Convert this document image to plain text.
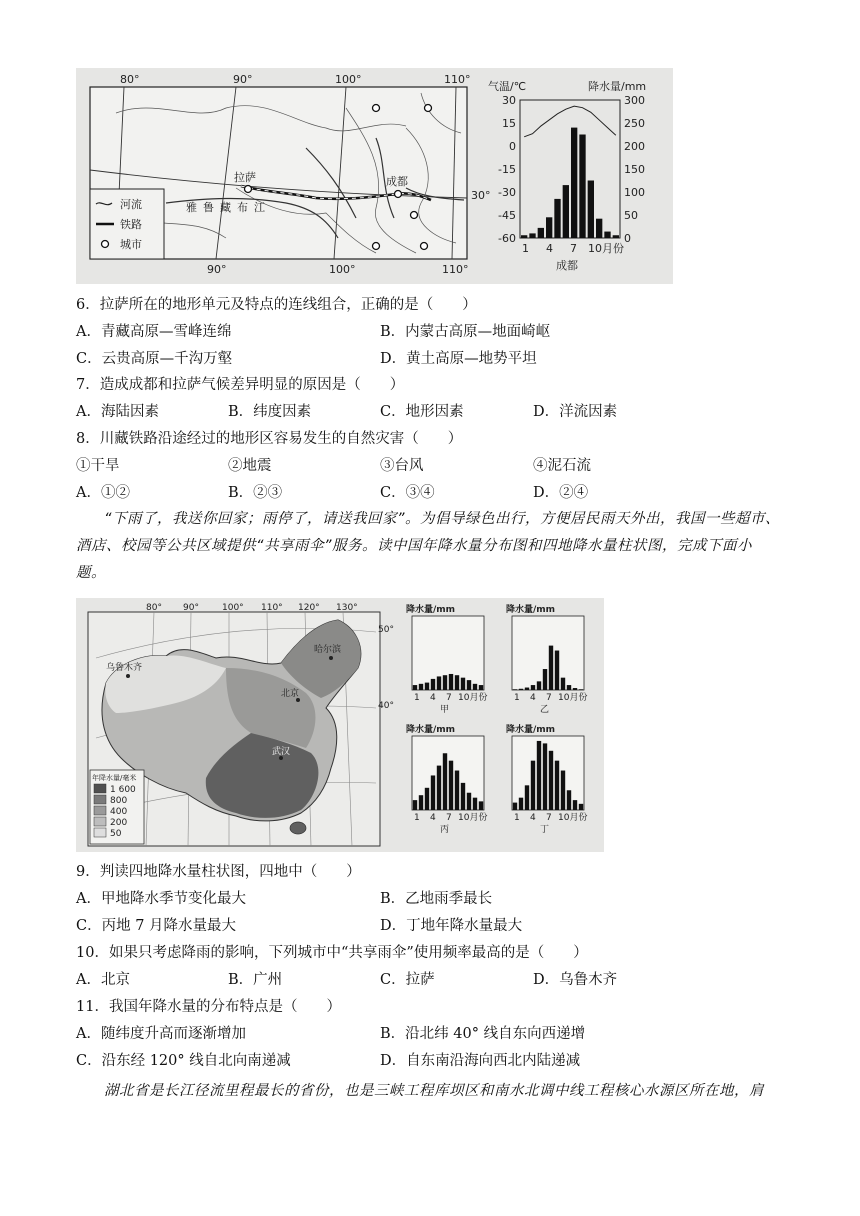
80°	90°	100°	110°
90°	100°	110°
30°
拉萨	成都
雅鲁藏布江
河流
铁路
城市
气温/℃	降水量/mm
30
15
0
-15
-30
-45
-60
300
250
200
150
100
50
0
1 4 7 10月份
成都
6．拉萨所在的地形单元及特点的连线组合，正确的是（　　）
A．青藏高原—雪峰连绵	B．内蒙古高原—地面崎岖
C．云贵高原—千沟万壑	D．黄土高原—地势平坦
7．造成成都和拉萨气候差异明显的原因是（　　）
A．海陆因素	B．纬度因素	C．地形因素	D．洋流因素
8．川藏铁路沿途经过的地形区容易发生的自然灾害（　　）
①干旱	②地震	③台风	④泥石流
A．①②	B．②③	C．③④	D．②④

“下雨了，我送你回家；雨停了，请送我回家”。为倡导绿色出行，方便居民雨天外出，我国一些超市、

酒店、校园等公共区域提供“共享雨伞”服务。读中国年降水量分布图和四地降水量柱状图，完成下面小

题。

80° 90°	100° 110° 120° 130°
50°
40°
乌鲁木齐
哈尔滨
北京
武汉
年降水量/毫米
1 600
800
400
200
50
降水量/mm
1 4 7 10月份
甲
降水量/mm
1 4 7 10月份
乙
降水量/mm
1 4 7 10月份
丙
降水量/mm
1 4 7 10月份
丁
9．判读四地降水量柱状图，四地中（　　）
A．甲地降水季节变化最大	B．乙地雨季最长
C．丙地 7 月降水量最大	D．丁地年降水量最大
10．如果只考虑降雨的影响，下列城市中“共享雨伞”使用频率最高的是（　　）
A．北京	B．广州	C．拉萨	D．乌鲁木齐
11．我国年降水量的分布特点是（　　）
A．随纬度升高而逐渐增加	B．沿北纬 40° 线自东向西递增
C．沿东经 120° 线自北向南递减	D．自东南沿海向西北内陆递减

湖北省是长江径流里程最长的省份，也是三峡工程库坝区和南水北调中线工程核心水源区所在地，肩
